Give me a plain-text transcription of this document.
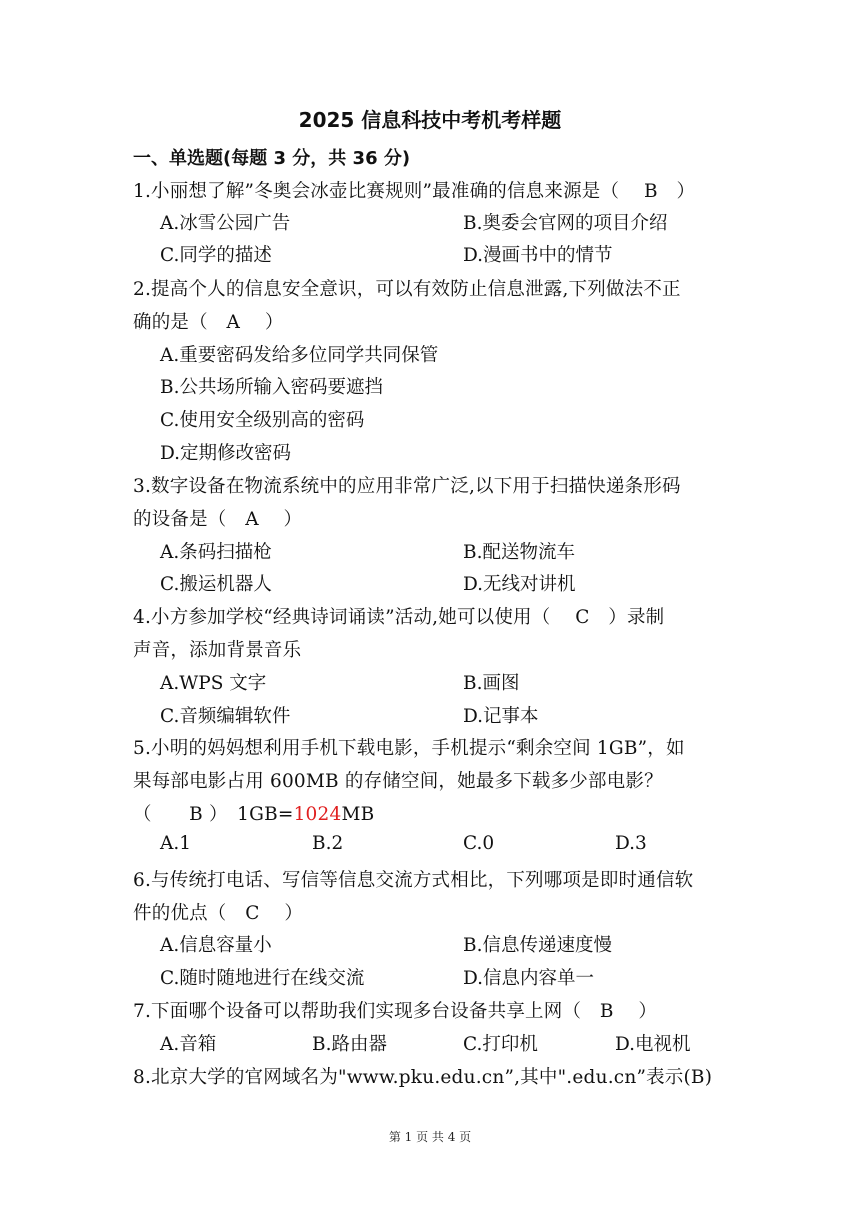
2025 信息科技中考机考样题
一、单选题(每题 3 分，共 36 分)
1.小丽想了解”冬奥会冰壶比赛规则”最准确的信息来源是（　 B　）
A.冰雪公园广告	B.奥委会官网的项目介绍
C.同学的描述	D.漫画书中的情节
2.提高个人的信息安全意识，可以有效防止信息泄露,下列做法不正
确的是（　A　 ）
A.重要密码发给多位同学共同保管
B.公共场所输入密码要遮挡
C.使用安全级别高的密码
D.定期修改密码
3.数字设备在物流系统中的应用非常广泛,以下用于扫描快递条形码
的设备是（　A　 ）
A.条码扫描枪	B.配送物流车
C.搬运机器人	D.无线对讲机
4.小方参加学校“经典诗词诵读”活动,她可以使用（　 C　）录制
声音，添加背景音乐
A.WPS 文字	B.画图
C.音频编辑软件	D.记事本
5.小明的妈妈想利用手机下载电影，手机提示“剩余空间 1GB”，如
果每部电影占用 600MB 的存储空间，她最多下载多少部电影？
（　　B ）　1GB=1024MB
A.1	B.2	C.0	D.3
6.与传统打电话、写信等信息交流方式相比，下列哪项是即时通信软
件的优点（　C　 ）
A.信息容量小	B.信息传递速度慢
C.随时随地进行在线交流	D.信息内容单一
7.下面哪个设备可以帮助我们实现多台设备共享上网（　B　 ）
A.音箱	B.路由器	C.打印机	D.电视机
8.北京大学的官网域名为"www.pku.edu.cn”,其中".edu.cn”表示(B)
第 1 页 共 4 页
